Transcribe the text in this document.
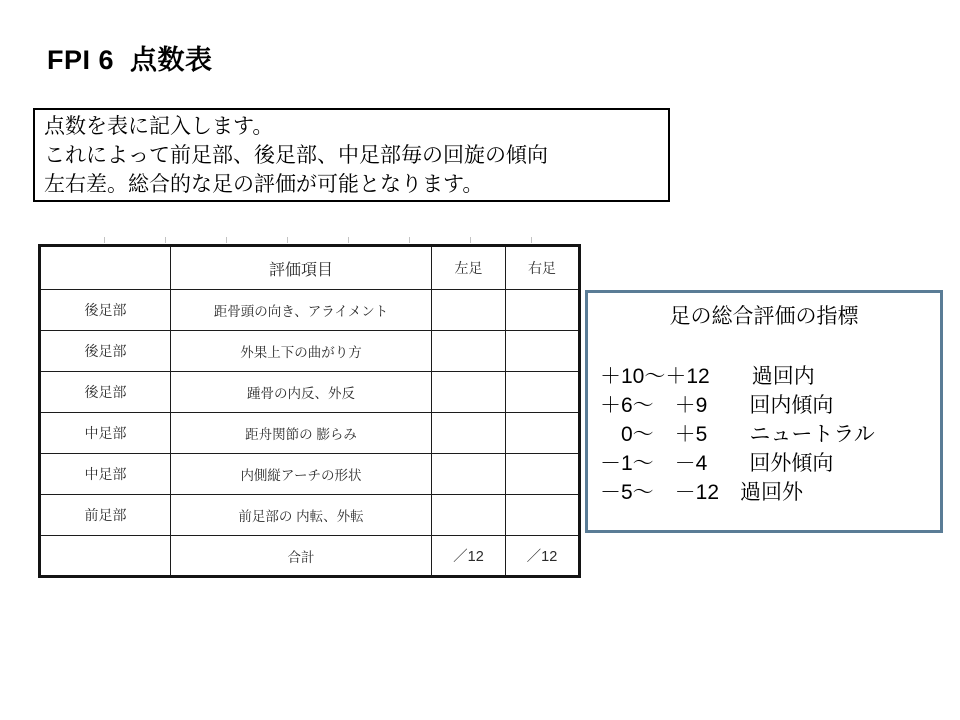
FPI 6  点数表
点数を表に記入します。
これによって前足部、後足部、中足部毎の回旋の傾向
左右差。総合的な足の評価が可能となります。
	評価項目	左足	右足
後足部	距骨頭の向き、アライメント		
後足部	外果上下の曲がり方		
後足部	踵骨の内反、外反		
中足部	距舟関節の 膨らみ		
中足部	内側縦アーチの形状		
前足部	前足部の 内転、外転		
	合計	／12	／12
足の総合評価の指標
＋10～＋12　　過回内
＋6～　＋9　　回内傾向
　0～　＋5　　ニュートラル
－1～　－4　　回外傾向
－5～　－12　過回外
